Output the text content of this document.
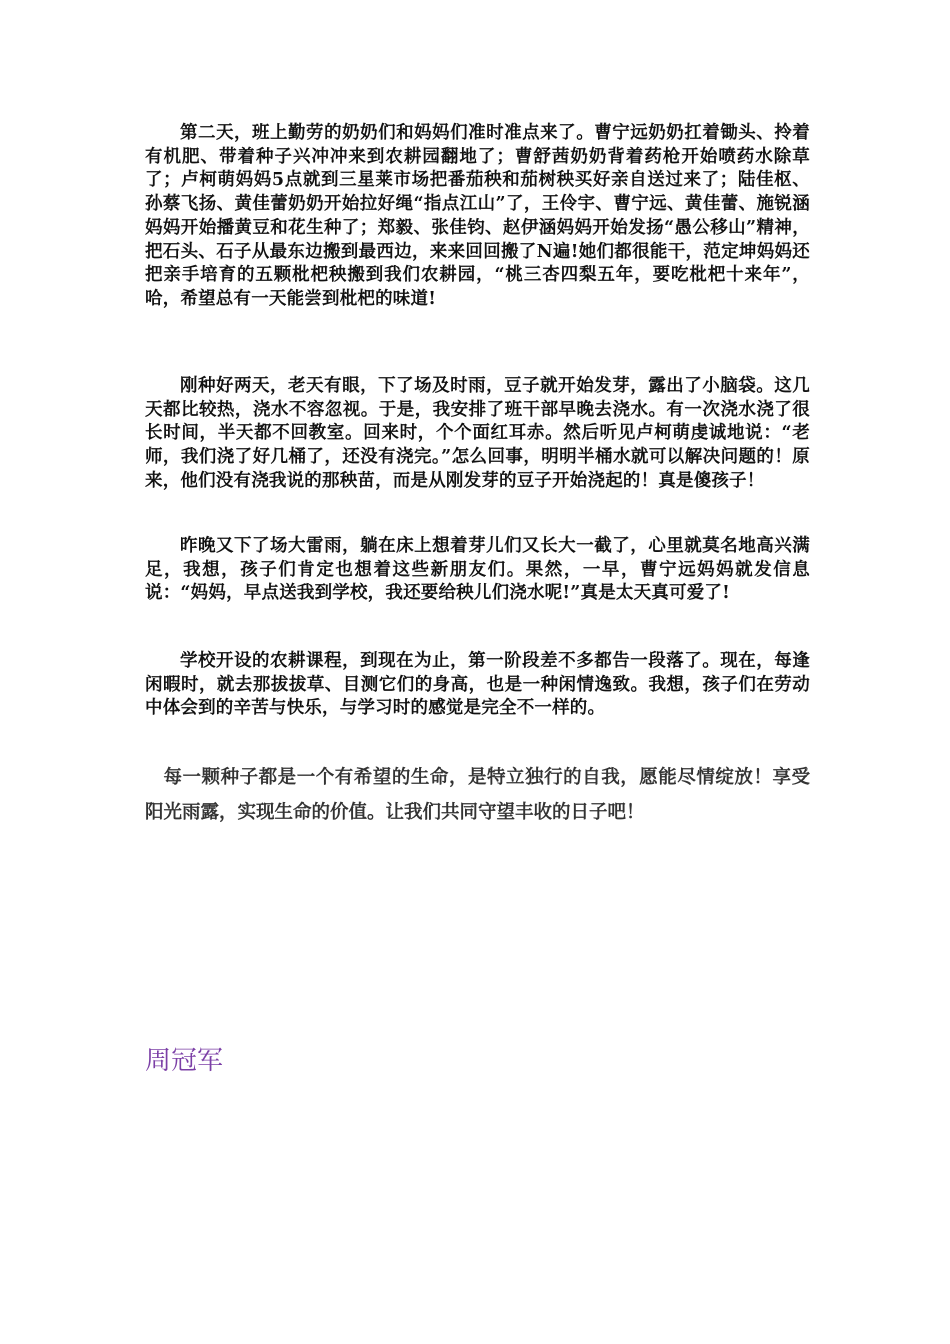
第二天，班上勤劳的奶奶们和妈妈们准时准点来了。曹宁远奶奶扛着锄头、拎着有机肥、带着种子兴冲冲来到农耕园翻地了；曹舒茜奶奶背着药枪开始喷药水除草了；卢柯萌妈妈5点就到三星莱市场把番茄秧和茄树秧买好亲自送过来了；陆佳枢、孙蔡飞扬、黄佳蕾奶奶开始拉好绳“指点江山”了，王伶宇、曹宁远、黄佳蕾、施锐涵妈妈开始播黄豆和花生种了；郑毅、张佳钧、赵伊涵妈妈开始发扬“愚公移山”精神，把石头、石子从最东边搬到最西边，来来回回搬了N遍!她们都很能干，范定坤妈妈还把亲手培育的五颗枇杷秧搬到我们农耕园，“桃三杏四梨五年，要吃枇杷十来年”，哈，希望总有一天能尝到枇杷的味道!

刚种好两天，老天有眼，下了场及时雨，豆子就开始发芽，露出了小脑袋。这几天都比较热，浇水不容忽视。于是，我安排了班干部早晚去浇水。有一次浇水浇了很长时间，半天都不回教室。回来时，个个面红耳赤。然后听见卢柯萌虔诚地说：“老师，我们浇了好几桶了，还没有浇完。”怎么回事，明明半桶水就可以解决问题的！原来，他们没有浇我说的那秧苗，而是从刚发芽的豆子开始浇起的！真是傻孩子！

昨晚又下了场大雷雨，躺在床上想着芽儿们又长大一截了，心里就莫名地高兴满足，我想，孩子们肯定也想着这些新朋友们。果然，一早，曹宁远妈妈就发信息说：“妈妈，早点送我到学校，我还要给秧儿们浇水呢!”真是太天真可爱了!

学校开设的农耕课程，到现在为止，第一阶段差不多都告一段落了。现在，每逢闲暇时，就去那拔拔草、目测它们的身高，也是一种闲情逸致。我想，孩子们在劳动中体会到的辛苦与快乐，与学习时的感觉是完全不一样的。

每一颗种子都是一个有希望的生命，是特立独行的自我，愿能尽情绽放！享受阳光雨露，实现生命的价值。让我们共同守望丰收的日子吧！

周冠军
